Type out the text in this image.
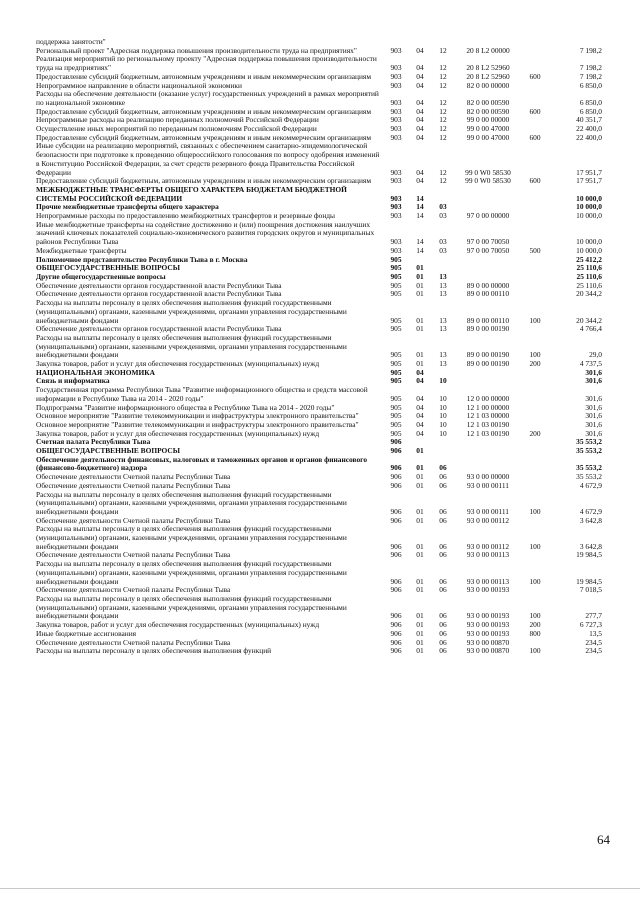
поддержка занятости"						
Региональный проект "Адресная поддержка повышения производительности труда на предприятиях"	903	04	12	20 8 L2 00000		7 198,2
Реализация мероприятий по региональному проекту "Адресная поддержка повышения производительности труда на предприятиях"	903	04	12	20 8 L2 52960		7 198,2
Предоставление субсидий бюджетным, автономным учреждениям и иным некоммерческим организациям	903	04	12	20 8 L2 52960	600	7 198,2
Непрограммное направление в области национальной экономики	903	04	12	82 0 00 00000		6 850,0
Расходы на обеспечение деятельности (оказание услуг) государственных учреждений в рамках мероприятий по национальной экономике	903	04	12	82 0 00 00590		6 850,0
Предоставление субсидий бюджетным, автономным учреждениям и иным некоммерческим организациям	903	04	12	82 0 00 00590	600	6 850,0
Непрограммные расходы на реализацию переданных полномочий Российской Федерации	903	04	12	99 0 00 00000		40 351,7
Осуществление иных мероприятий по переданным полномочиям Российской Федерации	903	04	12	99 0 00 47000		22 400,0
Предоставление субсидий бюджетным, автономным учреждениям и иным некоммерческим организациям	903	04	12	99 0 00 47000	600	22 400,0
Иные субсидии на реализацию мероприятий, связанных с обеспечением санитарно-эпидемиологической безопасности при подготовке к проведению общероссийского голосования по вопросу одобрения изменений в Конституцию Российской Федерации, за счет средств резервного фонда Правительства Российской Федерации	903	04	12	99 0 W0 58530		17 951,7
Предоставление субсидий бюджетным, автономным учреждениям и иным некоммерческим организациям	903	04	12	99 0 W0 58530	600	17 951,7
МЕЖБЮДЖЕТНЫЕ ТРАНСФЕРТЫ ОБЩЕГО ХАРАКТЕРА БЮДЖЕТАМ БЮДЖЕТНОЙ СИСТЕМЫ РОССИЙСКОЙ ФЕДЕРАЦИИ	903	14				10 000,0
Прочие межбюджетные трансферты общего характера	903	14	03			10 000,0
Непрограммные расходы по предоставлению межбюджетных трансфертов и резервные фонды	903	14	03	97 0 00 00000		10 000,0
Иные межбюджетные трансферты на содействие достижению и (или) поощрения достижения наилучших значений ключевых показателей социально-экономического развития городских округов и муниципальных районов Республики Тыва	903	14	03	97 0 00 70050		10 000,0
Межбюджетные трансферты	903	14	03	97 0 00 70050	500	10 000,0
Полномочное представительство Республики Тыва в г. Москва	905					25 412,2
ОБЩЕГОСУДАРСТВЕННЫЕ ВОПРОСЫ	905	01				25 110,6
Другие общегосударственные вопросы	905	01	13			25 110,6
Обеспечение деятельности органов государственной власти Республики Тыва	905	01	13	89 0 00 00000		25 110,6
Обеспечение деятельности органов государственной власти Республики Тыва	905	01	13	89 0 00 00110		20 344,2
Расходы на выплаты персоналу в целях обеспечения выполнения функций государственными (муниципальными) органами, казенными учреждениями, органами управления государственными внебюджетными фондами	905	01	13	89 0 00 00110	100	20 344,2
Обеспечение деятельности органов государственной власти Республики Тыва	905	01	13	89 0 00 00190		4 766,4
Расходы на выплаты персоналу в целях обеспечения выполнения функций государственными (муниципальными) органами, казенными учреждениями, органами управления государственными внебюджетными фондами	905	01	13	89 0 00 00190	100	29,0
Закупка товаров, работ и услуг для обеспечения государственных (муниципальных) нужд	905	01	13	89 0 00 00190	200	4 737,5
НАЦИОНАЛЬНАЯ ЭКОНОМИКА	905	04				301,6
Связь и информатика	905	04	10			301,6
Государственная программа Республики Тыва "Развитие информационного общества и средств массовой информации в Республике Тыва на 2014 - 2020 годы"	905	04	10	12 0 00 00000		301,6
Подпрограмма "Развитие информационного общества в Республике Тыва на 2014 - 2020 годы"	905	04	10	12 1 00 00000		301,6
Основное мероприятие "Развитие телекоммуникации и инфраструктуры электронного правительства"	905	04	10	12 1 03 00000		301,6
Основное мероприятие "Развитие телекоммуникации и инфраструктуры электронного правительства"	905	04	10	12 1 03 00190		301,6
Закупка товаров, работ и услуг для обеспечения государственных (муниципальных) нужд	905	04	10	12 1 03 00190	200	301,6
Счетная палата Республики Тыва	906					35 553,2
ОБЩЕГОСУДАРСТВЕННЫЕ ВОПРОСЫ	906	01				35 553,2
Обеспечение деятельности финансовых, налоговых и таможенных органов и органов финансового (финансово-бюджетного) надзора	906	01	06			35 553,2
Обеспечение деятельности Счетной палаты Республики Тыва	906	01	06	93 0 00 00000		35 553,2
Обеспечение деятельности Счетной палаты Республики Тыва	906	01	06	93 0 00 00111		4 672,9
Расходы на выплаты персоналу в целях обеспечения выполнения функций государственными (муниципальными) органами, казенными учреждениями, органами управления государственными внебюджетными фондами	906	01	06	93 0 00 00111	100	4 672,9
Обеспечение деятельности Счетной палаты Республики Тыва	906	01	06	93 0 00 00112		3 642,8
Расходы на выплаты персоналу в целях обеспечения выполнения функций государственными (муниципальными) органами, казенными учреждениями, органами управления государственными внебюджетными фондами	906	01	06	93 0 00 00112	100	3 642,8
Обеспечение деятельности Счетной палаты Республики Тыва	906	01	06	93 0 00 00113		19 984,5
Расходы на выплаты персоналу в целях обеспечения выполнения функций государственными (муниципальными) органами, казенными учреждениями, органами управления государственными внебюджетными фондами	906	01	06	93 0 00 00113	100	19 984,5
Обеспечение деятельности Счетной палаты Республики Тыва	906	01	06	93 0 00 00193		7 018,5
Расходы на выплаты персоналу в целях обеспечения выполнения функций государственными (муниципальными) органами, казенными учреждениями, органами управления государственными внебюджетными фондами	906	01	06	93 0 00 00193	100	277,7
Закупка товаров, работ и услуг для обеспечения государственных (муниципальных) нужд	906	01	06	93 0 00 00193	200	6 727,3
Иные бюджетные ассигнования	906	01	06	93 0 00 00193	800	13,5
Обеспечение деятельности Счетной палаты Республики Тыва	906	01	06	93 0 00 00870		234,5
Расходы на выплаты персоналу в целях обеспечения выполнения функций	906	01	06	93 0 00 00870	100	234,5
64
